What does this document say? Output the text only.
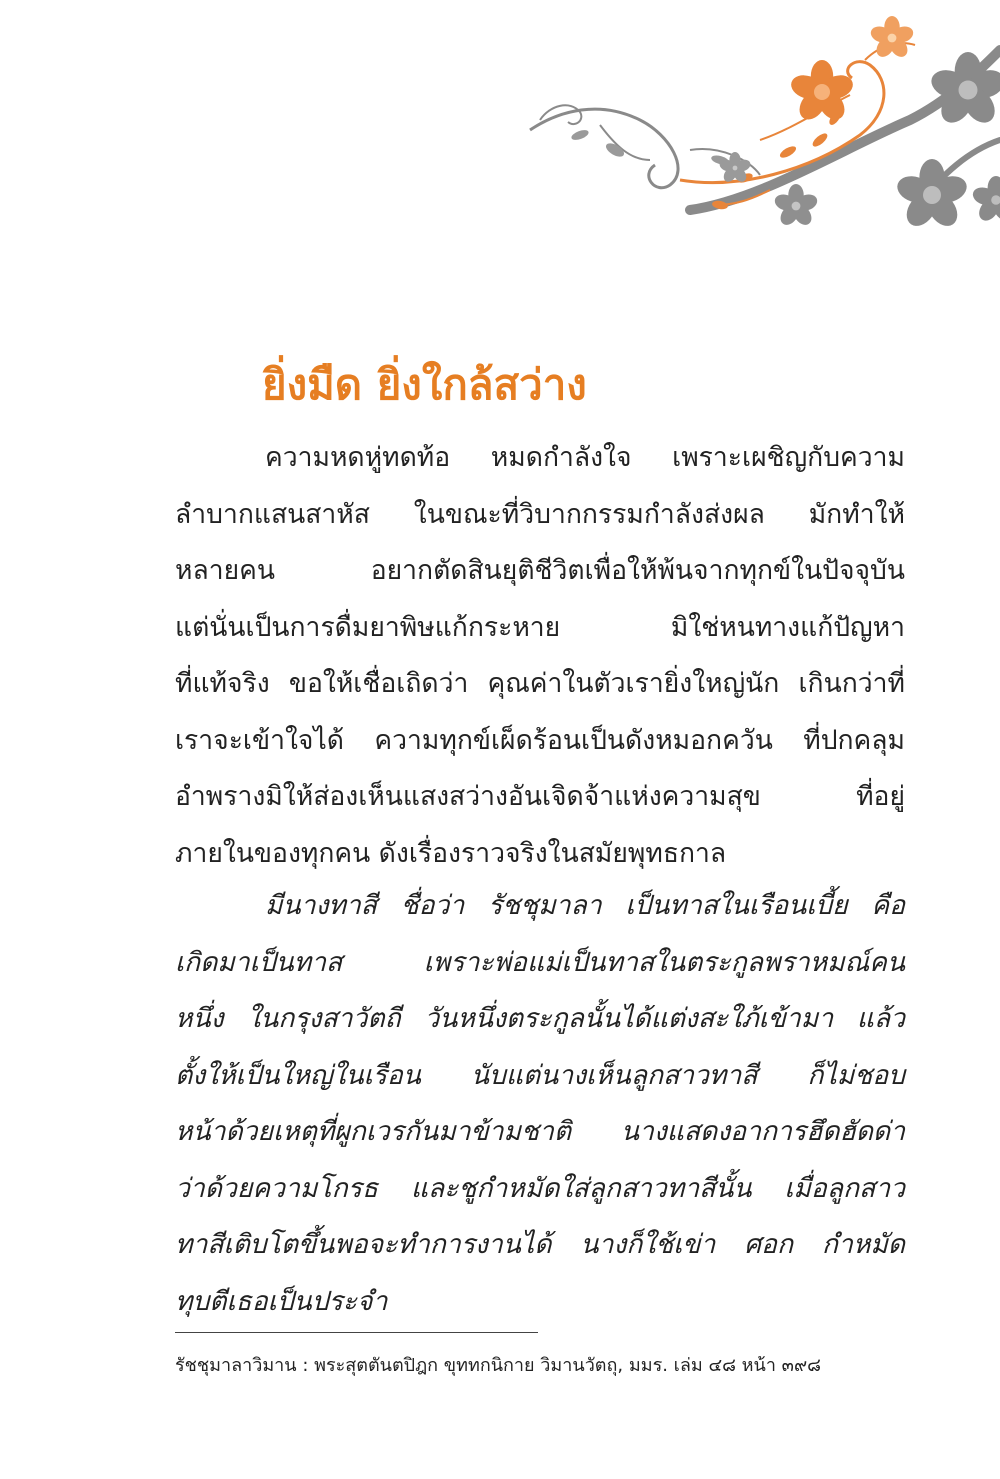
ยิ่งมืด ยิ่งใกล้สว่าง
ความหดหู่ทดท้อ หมดกำลังใจ เพราะเผชิญกับความ
ลำบากแสนสาหัส ในขณะที่วิบากกรรมกำลังส่งผล มักทำให้
หลายคน อยากตัดสินยุติชีวิตเพื่อให้พ้นจากทุกข์ในปัจจุบัน
แต่นั่นเป็นการดื่มยาพิษแก้กระหาย มิใช่หนทางแก้ปัญหา
ที่แท้จริง ขอให้เชื่อเถิดว่า คุณค่าในตัวเรายิ่งใหญ่นัก เกินกว่าที่
เราจะเข้าใจได้ ความทุกข์เผ็ดร้อนเป็นดังหมอกควัน ที่ปกคลุม
อำพรางมิให้ส่องเห็นแสงสว่างอันเจิดจ้าแห่งความสุข ที่อยู่
ภายในของทุกคน ดังเรื่องราวจริงในสมัยพุทธกาล
มีนางทาสี ชื่อว่า รัชชุมาลา เป็นทาสในเรือนเบี้ย คือ
เกิดมาเป็นทาส เพราะพ่อแม่เป็นทาสในตระกูลพราหมณ์คน
หนึ่ง ในกรุงสาวัตถี วันหนึ่งตระกูลนั้นได้แต่งสะใภ้เข้ามา แล้ว
ตั้งให้เป็นใหญ่ในเรือน นับแต่นางเห็นลูกสาวทาสี ก็ไม่ชอบ
หน้าด้วยเหตุที่ผูกเวรกันมาข้ามชาติ นางแสดงอาการฮึดฮัดด่า
ว่าด้วยความโกรธ และชูกำหมัดใส่ลูกสาวทาสีนั้น เมื่อลูกสาว
ทาสีเติบโตขึ้นพอจะทำการงานได้ นางก็ใช้เข่า ศอก กำหมัด
ทุบตีเธอเป็นประจำ

รัชชุมาลาวิมาน : พระสุตตันตปิฎก ขุททกนิกาย วิมานวัตถุ, มมร. เล่ม ๔๘ หน้า ๓๙๘
